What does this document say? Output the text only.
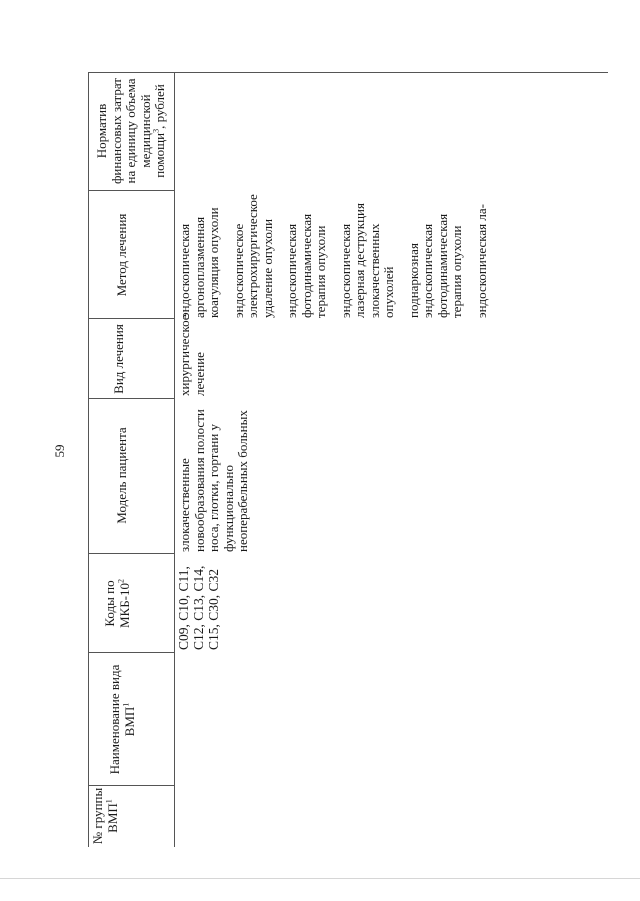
59
Норматив финансовых затрат на единицу объема медицинской помощи$^3$, рублей
Метод лечения
Вид лечения
Модель пациента
Коды по МКБ-$10^2$
Наименование вида ВМП$^1$
№ группы ВМП$^1$
C09, C10, C11, C12, C13, C14, C15, C30, C32
злокачественные новообразования полости носа, глотки, гортани у функционально неоперабельных больных
хирургическое лечение
эндоскопическая аргоноплазменная коагуляция опухоли эндоскопическое электрохирургическое удаление опухоли эндоскопическая фотодинамическая терапия опухоли эндоскопическая лазерная деструкция злокачественных опухолей поднаркозная эндоскопическая фотодинамическая терапия опухоли эндоскопическая ла-
